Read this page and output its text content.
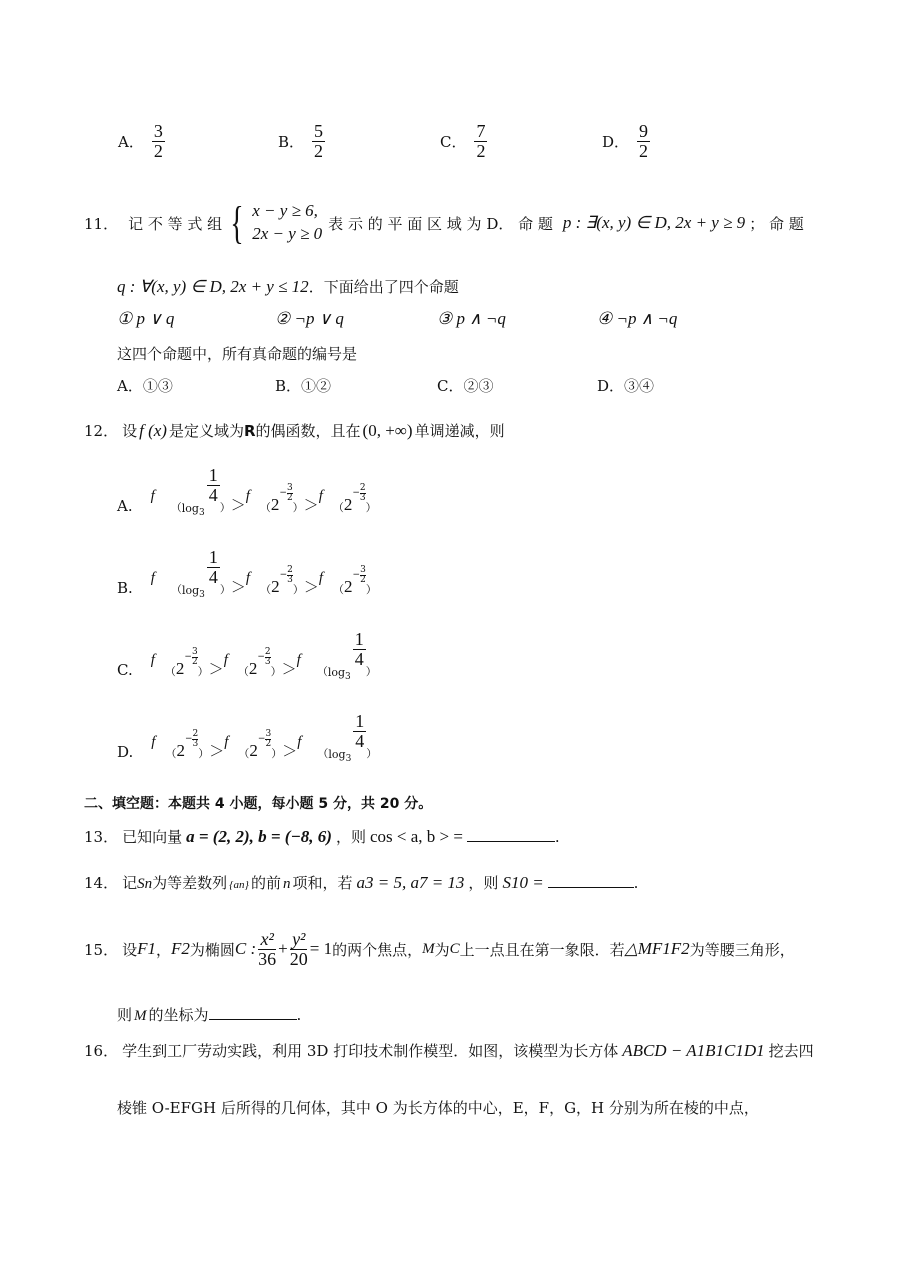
A． $\frac{3}{2}$	B． $\frac{5}{2}$	C． $\frac{7}{2}$	D． $\frac{9}{2}$
11． 记 不 等 式 组 { x − y ≥ 6,
2x − y ≥ 0
表 示 的 平 面 区 域 为 D． 命 题 p : ∃(x, y) ∈ D, 2x + y ≥ 9 ； 命 题
q : ∀(x, y) ∈ D, 2x + y ≤ 12．下面给出了四个命题
① p ∨ q	② ¬p ∨ q	③ p ∧ ¬q	④ ¬p ∧ ¬q
这四个命题中，所有真命题的编号是
A．①③	B．①②	C．②③	D．③④
12． 设 f (x) 是定义域为 R 的偶函数，且在 (0, +∞) 单调递减，则
A.
f
（ log 3
$\frac{1}{4}$
） ＞ f
（ 2
− $\frac{3}{2}$
） ＞ f
（ 2
− $\frac{2}{3}$
）
B.
f
（ log 3
$\frac{1}{4}$
） ＞ f
（ 2
− $\frac{2}{3}$
） ＞ f
（ 2
− $\frac{3}{2}$
）
C.
f
（ 2
− $\frac{3}{2}$
） ＞ f
（ 2
− $\frac{2}{3}$
） ＞ f
（ log 3
$\frac{1}{4}$
）
D.
f
（ 2
− $\frac{2}{3}$
） ＞ f
（ 2
− $\frac{3}{2}$
） ＞ f
（ log 3
$\frac{1}{4}$
）
二、填空题：本题共 4 小题，每小题 5 分，共 20 分。
13． 已知向量 a = (2, 2), b = (−8, 6) ，则 cos < a, b > =	.
14． 记 Sn 为等差数列 {an} 的前 n 项和，若 a3 = 5, a7 = 13 ，则 S10 =	.
15． 设 F1 ， F2 为椭圆 C : $\frac{\text{x²}}{36} + \frac{\text{y²}}{20} = 1$ 的两个焦点， M 为 C 上一点且在第一象限．若 △MF1F2 为等腰三角形，
则 M 的坐标为	.
16． 学生到工厂劳动实践，利用 3D 打印技术制作模型．如图，该模型为长方体 ABCD − A1B1C1D1 挖去四
棱锥 O-EFGH 后所得的几何体，其中 O 为长方体的中心，E，F，G，H 分别为所在棱的中点，
